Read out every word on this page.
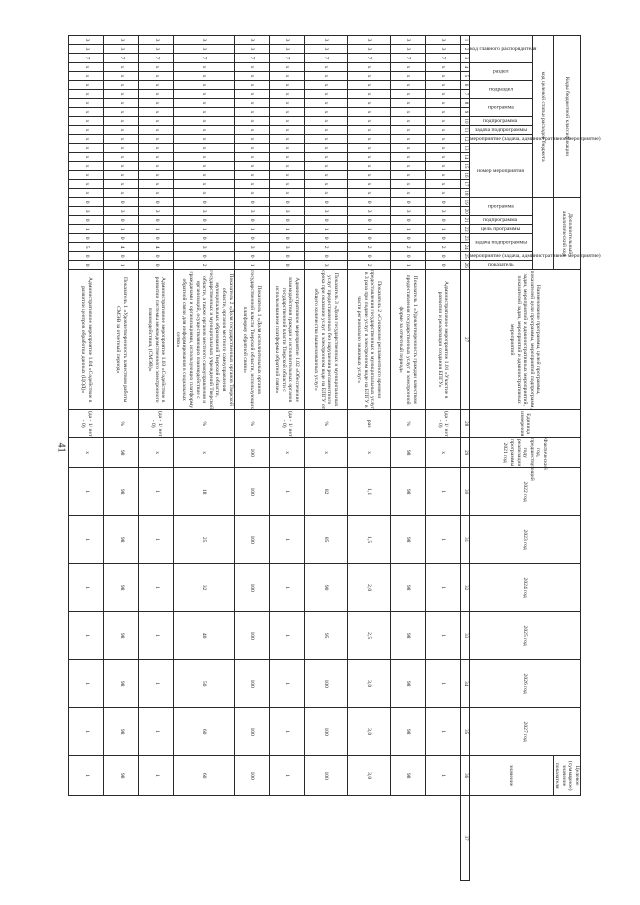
41
Коды бюджетной классификации																		Дополнительный аналитический код								Наименование программы, целей программы, показателей цели программы, мероприятий подпрограмм, задач, мероприятий и административных мероприятий, показателей задач, мероприятий и административных мероприятий	Единица измерения	Фактический год, предшествующий году реализации программы 2021 год	2022 год	2023 год	2024 год	2025 год	2026 год	2027 год	Целевое (суммарное) значение показателя	
код целевой статьи расходов бюджета																																			значение	
код главного распорядителя			раздел		подраздел		программа		подпрограмма	задача подпрограммы	мероприятие (задача, административное мероприятие)	номер мероприятия						программа		подпрограмма	цель программы	задача подпрограммы		мероприятие (задача, административное мероприятие)	показатель											
1	2	3	4	5	6	7	8	9	10	11	12	13	14	15	16	17	18	19	20	21	22	23	24	25	26	27	28	29	30	31	32	33	34	35	36	37
3	3	7	х	х	х	х	х	х	х	х	х	х	х	х	х	х	х	0	3	0	1	0	2	0	0	Административное мероприятие 1.01 «Участие в развитии и реализации создания ЕПГУ»	(да - 1/ нет - 0)	х	1	1	1	1	1	1	1	
3	3	7	х	х	х	х	х	х	х	х	х	х	х	х	х	х	х	0	3	0	1	0	2	0	1	Показатель 1 «Удовлетворенность граждан качеством предоставления государственных услуг в электронной форме за отчетный период»	%	98	98	98	98	98	98	98	98	
3	3	7	х	х	х	х	х	х	х	х	х	х	х	х	х	х	х	0	3	0	1	0	2	0	2	Показатель 2 «Снижение регламентного времени предоставления государственных и муниципальных услуг в 3 раза при подаче услуг в электронном виде на ЕПГУ в части регионально значимых услуг»	раз	х	1,1	1,5	2,0	2,5	3,0	3,0	3,0	
3	3	7	х	х	х	х	х	х	х	х	х	х	х	х	х	х	х	0	3	0	1	0	2	0	3	Показатель 3 «Доля государственных и муниципальных услуг предоставленных без нарушения регламентного срока при оказании услуг в электронном виде на ЕПГУ от общего количества вышеназванных услуг»	%	х	82	85	90	95	100	100	100	
3	3	7	х	х	х	х	х	х	х	х	х	х	х	х	х	х	х	0	3	0	1	0	3	0	0	Административное мероприятие 1.02 «Обеспечение взаимодействия граждан и исполнительных органов государственной власти Тверской области с использованием платформы обратной связи»	(да - 1/ нет - 0)	х	1	1	1	1	1	1	1	
3	3	7	х	х	х	х	х	х	х	х	х	х	х	х	х	х	х	0	3	0	1	0	3	0	1	Показатель 1 «Доля исполнительных органов государственной власти Тверской области, использующих платформу обратной связи»	%	100	100	100	100	100	100	100	100	
3	3	7	х	х	х	х	х	х	х	х	х	х	х	х	х	х	х	0	3	0	1	0	3	0	2	Показатель 2 «Доля государственных органов Тверской области, органов местного самоуправления муниципальных образований Тверской области, государственных и муниципальных учреждений Тверской области, а также органов местного самоуправления и организаций, осуществляющих взаимодействие с гражданами и организациями, использующих платформу обратной связи для информирования в социальных сетях»	%	х	18	25	32	40	50	60	60	
3	3	7	х	х	х	х	х	х	х	х	х	х	х	х	х	х	х	0	3	0	1	0	4	0	0	Административное мероприятие 1.03 «Содействие в развитии системы межведомственного электронного взаимодействия, (СМЭВ)»	(да - 1/ нет - 0)	х	1	1	1	1	1	1	1	
3	3	7	х	х	х	х	х	х	х	х	х	х	х	х	х	х	х	0	3	0	1	0	4	0	1	Показатель 1 «Удовлетворенность качеством работы СМЭВ за отчетный период»	%	98	98	98	98	98	98	98	98	
3	3	7	х	х	х	х	х	х	х	х	х	х	х	х	х	х	х	0	3	0	1	0	5	0	0	Административное мероприятие 1.04 «Содействие в развитии центров обработки данных (ЦОД)»	(да - 1/ нет - 0)	х	1	1	1	1	1	1	1	
